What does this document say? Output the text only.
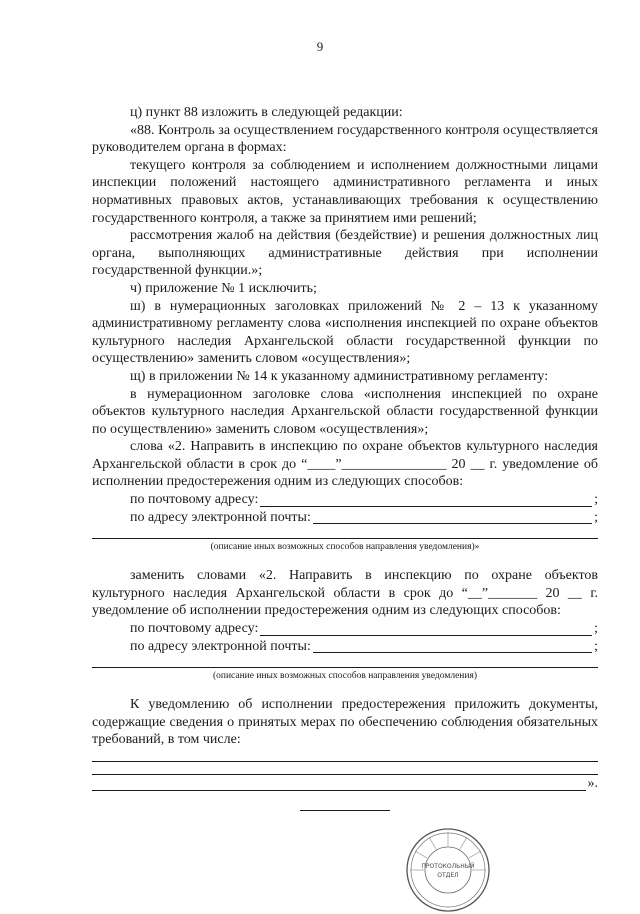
9

ц) пункт 88 изложить в следующей редакции:

«88. Контроль за осуществлением государственного контроля осуществляется руководителем органа в формах:

текущего контроля за соблюдением и исполнением должностными лицами инспекции положений настоящего административного регламента и иных нормативных правовых актов, устанавливающих требования к осуществлению государственного контроля, а также за принятием ими решений;

рассмотрения жалоб на действия (бездействие) и решения должностных лиц органа, выполняющих административные действия при исполнении государственной функции.»;

ч) приложение № 1 исключить;

ш) в нумерационных заголовках приложений № 2 – 13 к указанному административному регламенту слова «исполнения инспекцией по охране объектов культурного наследия Архангельской области государственной функции по осуществлению» заменить словом «осуществления»;

щ) в приложении № 14 к указанному административному регламенту:

в нумерационном заголовке слова «исполнения инспекцией по охране объектов культурного наследия Архангельской области государственной функции по осуществлению» заменить словом «осуществления»;

слова «2. Направить в инспекцию по охране объектов культурного наследия Архангельской области в срок до “____”_______________ 20 __ г. уведомление об исполнении предостережения одним из следующих способов:

по почтовому адресу:	;
по адресу электронной почты:	;
(описание иных возможных способов направления уведомления)»

заменить словами «2. Направить в инспекцию по охране объектов культурного наследия Архангельской области в срок до “__”_______ 20 __ г. уведомление об исполнении предостережения одним из следующих способов:

по почтовому адресу:	;
по адресу электронной почты:	;
(описание иных возможных способов направления уведомления)

К уведомлению об исполнении предостережения приложить документы, содержащие сведения о принятых мерах по обеспечению соблюдения обязательных требований, в том числе:

».
ПРОТОКОЛЬНЫЙ
ОТДЕЛ
